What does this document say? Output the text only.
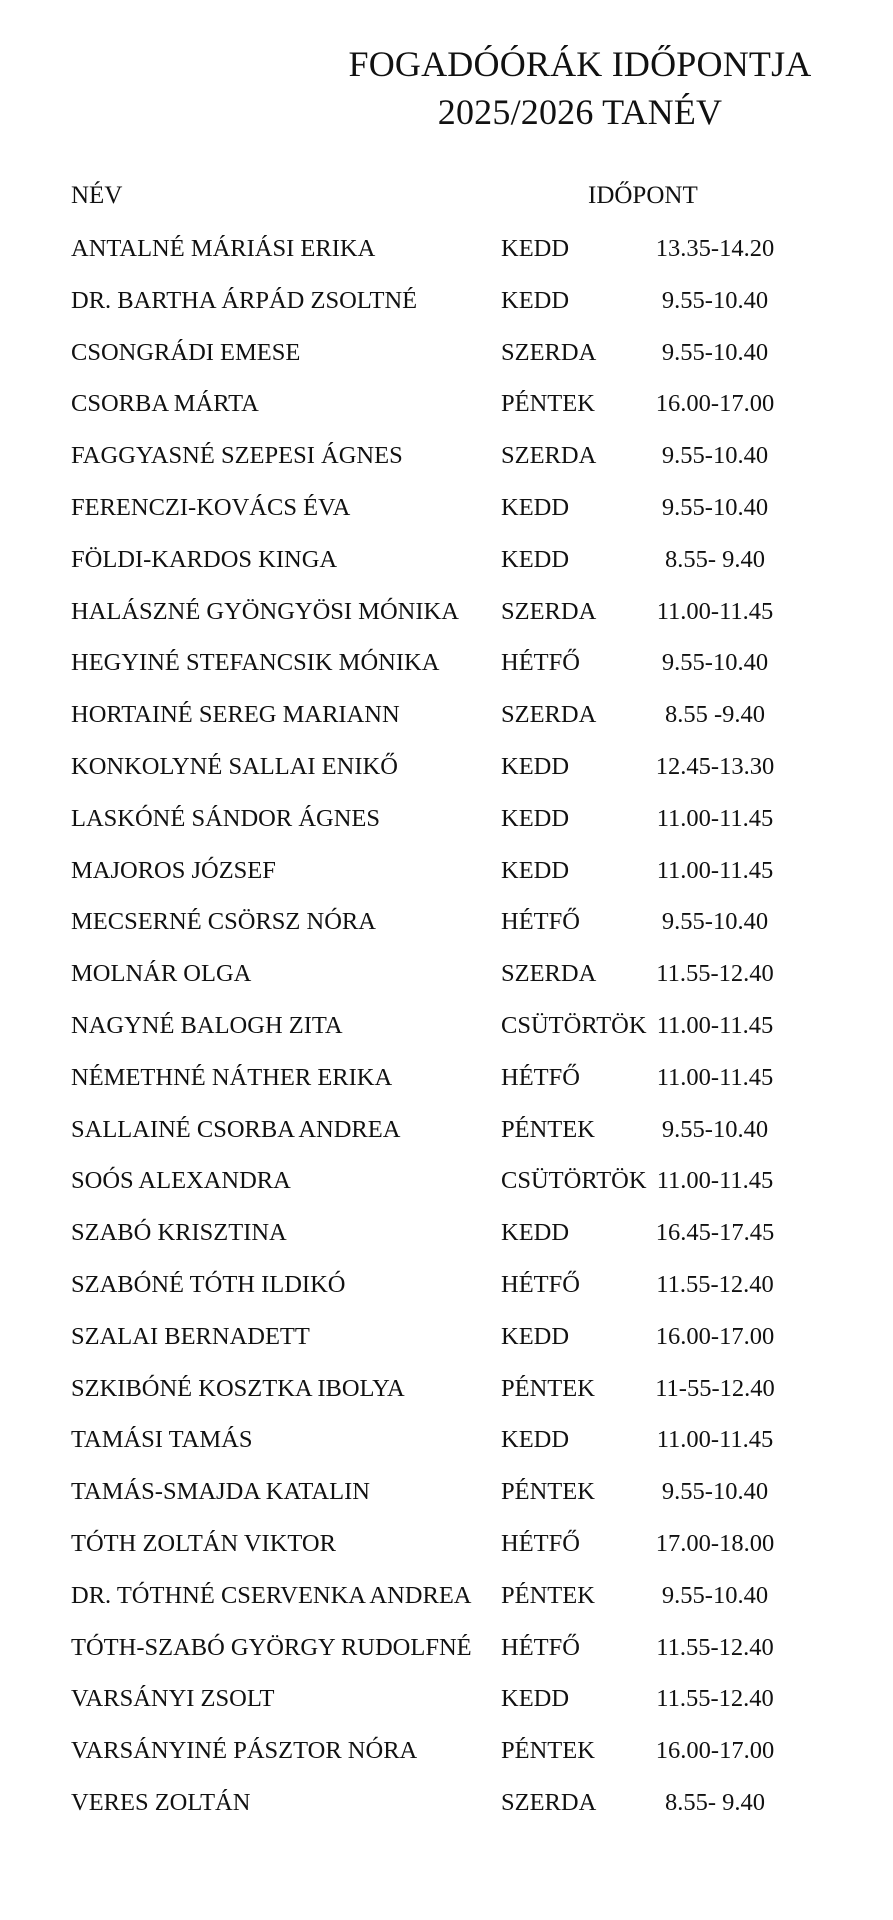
FOGADÓÓRÁK IDŐPONTJA
2025/2026 TANÉV
NÉV	IDŐPONT
ANTALNÉ MÁRIÁSI ERIKA	KEDD	13.35-14.20
DR. BARTHA ÁRPÁD ZSOLTNÉ	KEDD	9.55-10.40
CSONGRÁDI EMESE	SZERDA	9.55-10.40
CSORBA MÁRTA	PÉNTEK	16.00-17.00
FAGGYASNÉ SZEPESI ÁGNES	SZERDA	9.55-10.40
FERENCZI-KOVÁCS ÉVA	KEDD	9.55-10.40
FÖLDI-KARDOS KINGA	KEDD	8.55- 9.40
HALÁSZNÉ GYÖNGYÖSI MÓNIKA SZERDA	11.00-11.45
HEGYINÉ STEFANCSIK MÓNIKA	HÉTFŐ	9.55-10.40
HORTAINÉ SEREG MARIANN	SZERDA	8.55 -9.40
KONKOLYNÉ SALLAI ENIKŐ	KEDD	12.45-13.30
LASKÓNÉ SÁNDOR ÁGNES	KEDD	11.00-11.45
MAJOROS JÓZSEF	KEDD	11.00-11.45
MECSERNÉ CSÖRSZ NÓRA	HÉTFŐ	9.55-10.40
MOLNÁR OLGA	SZERDA	11.55-12.40
NAGYNÉ BALOGH ZITA	CSÜTÖRTÖK 11.00-11.45
NÉMETHNÉ NÁTHER ERIKA	HÉTFŐ	11.00-11.45
SALLAINÉ CSORBA ANDREA	PÉNTEK	9.55-10.40
SOÓS ALEXANDRA	CSÜTÖRTÖK 11.00-11.45
SZABÓ KRISZTINA	KEDD	16.45-17.45
SZABÓNÉ TÓTH ILDIKÓ	HÉTFŐ	11.55-12.40
SZALAI BERNADETT	KEDD	16.00-17.00
SZKIBÓNÉ KOSZTKA IBOLYA	PÉNTEK	11-55-12.40
TAMÁSI TAMÁS	KEDD	11.00-11.45
TAMÁS-SMAJDA KATALIN	PÉNTEK	9.55-10.40
TÓTH ZOLTÁN VIKTOR	HÉTFŐ	17.00-18.00
DR. TÓTHNÉ CSERVENKA ANDREA PÉNTEK	9.55-10.40
TÓTH-SZABÓ GYÖRGY RUDOLFNÉ HÉTFŐ	11.55-12.40
VARSÁNYI ZSOLT	KEDD	11.55-12.40
VARSÁNYINÉ PÁSZTOR NÓRA	PÉNTEK	16.00-17.00
VERES ZOLTÁN	SZERDA	8.55- 9.40
